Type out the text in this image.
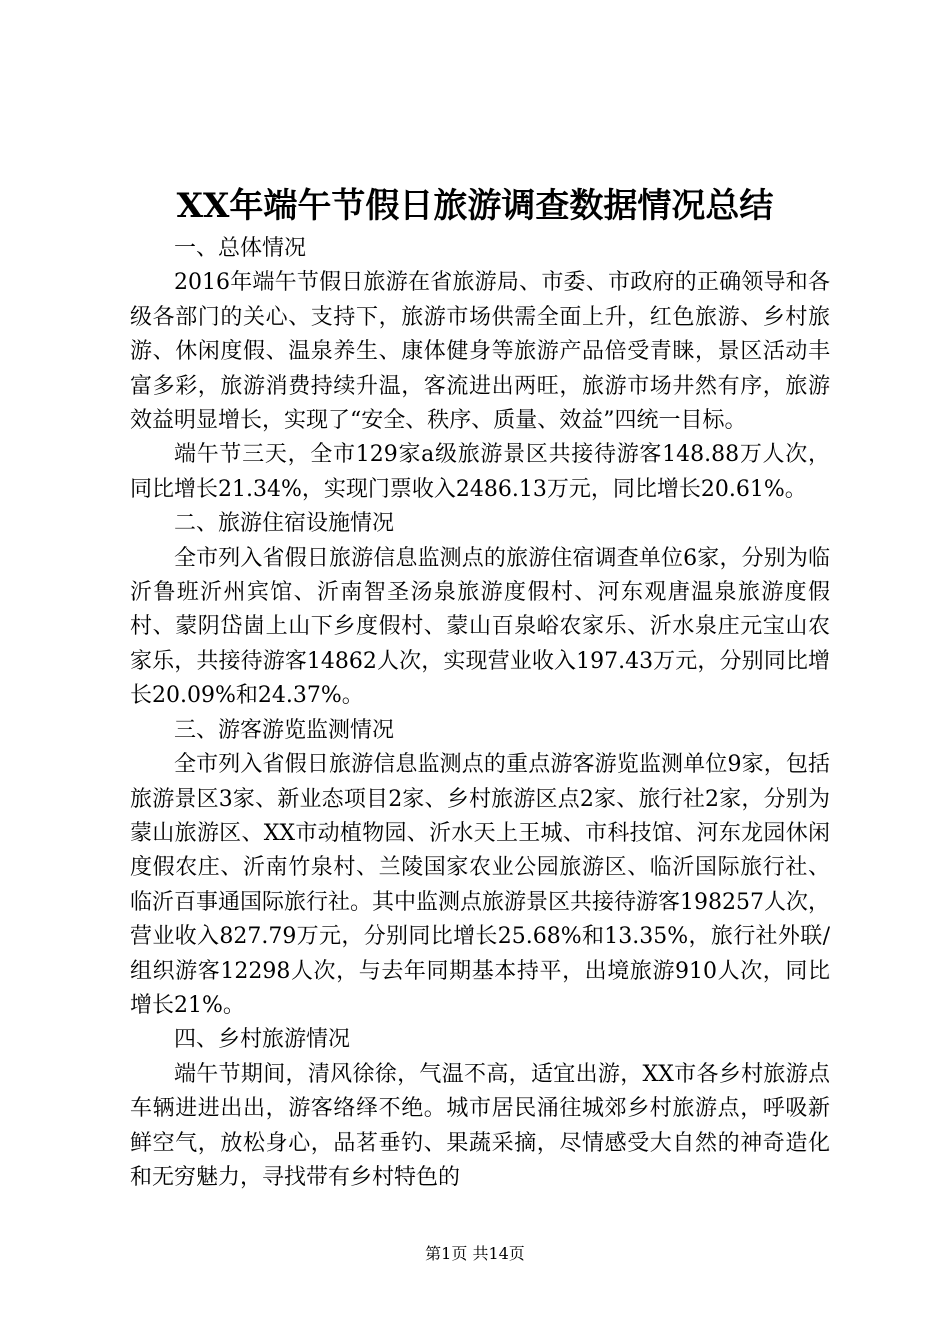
XX年端午节假日旅游调查数据情况总结

一、总体情况

2016年端午节假日旅游在省旅游局、市委、市政府的正确领导和各级各部门的关心、支持下，旅游市场供需全面上升，红色旅游、乡村旅游、休闲度假、温泉养生、康体健身等旅游产品倍受青睐，景区活动丰富多彩，旅游消费持续升温，客流进出两旺，旅游市场井然有序，旅游效益明显增长，实现了“安全、秩序、质量、效益”四统一目标。

端午节三天，全市129家a级旅游景区共接待游客148.88万人次，同比增长21.34%，实现门票收入2486.13万元，同比增长20.61%。

二、旅游住宿设施情况

全市列入省假日旅游信息监测点的旅游住宿调查单位6家，分别为临沂鲁班沂州宾馆、沂南智圣汤泉旅游度假村、河东观唐温泉旅游度假村、蒙阴岱崮上山下乡度假村、蒙山百泉峪农家乐、沂水泉庄元宝山农家乐，共接待游客14862人次，实现营业收入197.43万元，分别同比增长20.09%和24.37%。

三、游客游览监测情况

全市列入省假日旅游信息监测点的重点游客游览监测单位9家，包括旅游景区3家、新业态项目2家、乡村旅游区点2家、旅行社2家，分别为蒙山旅游区、XX市动植物园、沂水天上王城、市科技馆、河东龙园休闲度假农庄、沂南竹泉村、兰陵国家农业公园旅游区、临沂国际旅行社、临沂百事通国际旅行社。其中监测点旅游景区共接待游客198257人次，营业收入827.79万元，分别同比增长25.68%和13.35%，旅行社外联/组织游客12298人次，与去年同期基本持平，出境旅游910人次，同比增长21%。

四、乡村旅游情况

端午节期间，清风徐徐，气温不高，适宜出游，XX市各乡村旅游点车辆进进出出，游客络绎不绝。城市居民涌往城郊乡村旅游点，呼吸新鲜空气，放松身心，品茗垂钓、果蔬采摘，尽情感受大自然的神奇造化和无穷魅力，寻找带有乡村特色的

第1页 共14页
